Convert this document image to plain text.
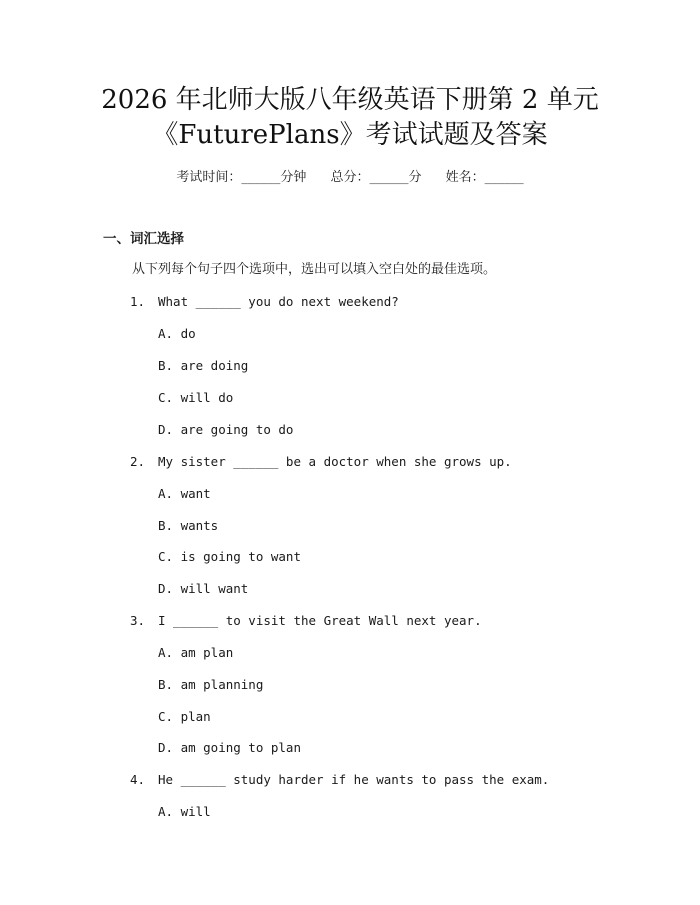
2026 年北师大版八年级英语下册第 2 单元
《FuturePlans》考试试题及答案
考试时间：______分钟 总分：______分 姓名：______
一、词汇选择
从下列每个句子四个选项中，选出可以填入空白处的最佳选项。
1. What ______ you do next weekend?
A. do
B. are doing
C. will do
D. are going to do
2. My sister ______ be a doctor when she grows up.
A. want
B. wants
C. is going to want
D. will want
3. I ______ to visit the Great Wall next year.
A. am plan
B. am planning
C. plan
D. am going to plan
4. He ______ study harder if he wants to pass the exam.
A. will
